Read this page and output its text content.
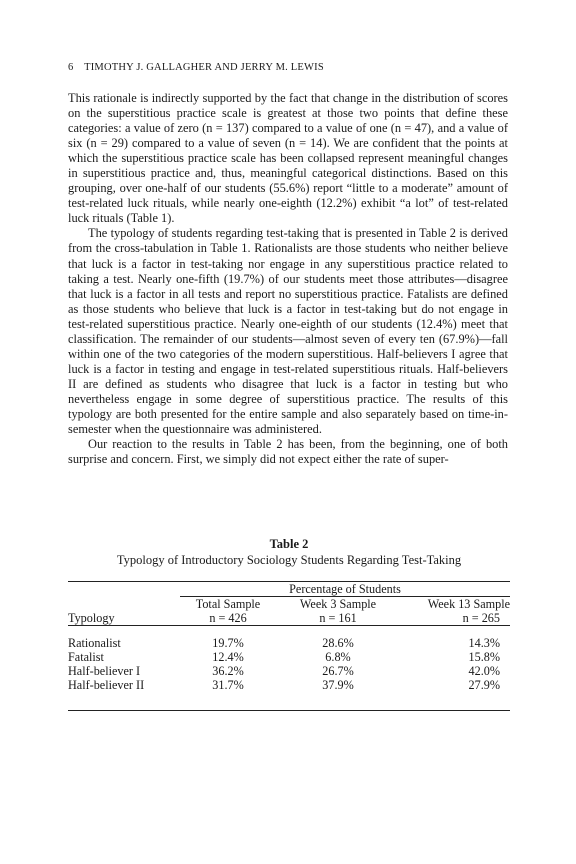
6 TIMOTHY J. GALLAGHER AND JERRY M. LEWIS

This rationale is indirectly supported by the fact that change in the distribution of scores on the superstitious practice scale is greatest at those two points that define these categories: a value of zero (n = 137) compared to a value of one (n = 47), and a value of six (n = 29) compared to a value of seven (n = 14). We are confident that the points at which the superstitious practice scale has been collapsed represent meaningful changes in superstitious practice and, thus, meaningful categorical distinctions. Based on this grouping, over one-half of our students (55.6%) report “little to a moderate” amount of test-related luck rituals, while nearly one-eighth (12.2%) exhibit “a lot” of test-related luck rituals (Table 1).

The typology of students regarding test-taking that is presented in Table 2 is derived from the cross-tabulation in Table 1. Rationalists are those students who neither believe that luck is a factor in test-taking nor engage in any superstitious practice related to taking a test. Nearly one-fifth (19.7%) of our students meet those attributes—disagree that luck is a factor in all tests and report no superstitious practice. Fatalists are defined as those students who believe that luck is a factor in test-taking but do not engage in test-related superstitious practice. Nearly one-eighth of our students (12.4%) meet that classification. The remainder of our students—almost seven of every ten (67.9%)—fall within one of the two categories of the modern superstitious. Half-believers I agree that luck is a factor in testing and engage in test-related superstitious rituals. Half-believers II are defined as students who disagree that luck is a factor in testing but who nevertheless engage in some degree of superstitious practice. The results of this typology are both presented for the entire sample and also separately based on time-in-semester when the questionnaire was administered.

Our reaction to the results in Table 2 has been, from the beginning, one of both surprise and concern. First, we simply did not expect either the rate of super-

Table 2
Typology of Introductory Sociology Students Regarding Test-Taking
	Percentage of Students		
	Total Sample	Week 3 Sample	Week 13 Sample
Typology	n = 426	n = 161	n = 265
Rationalist	19.7%	28.6%	14.3%
Fatalist	12.4%	6.8%	15.8%
Half-believer I	36.2%	26.7%	42.0%
Half-believer II	31.7%	37.9%	27.9%
